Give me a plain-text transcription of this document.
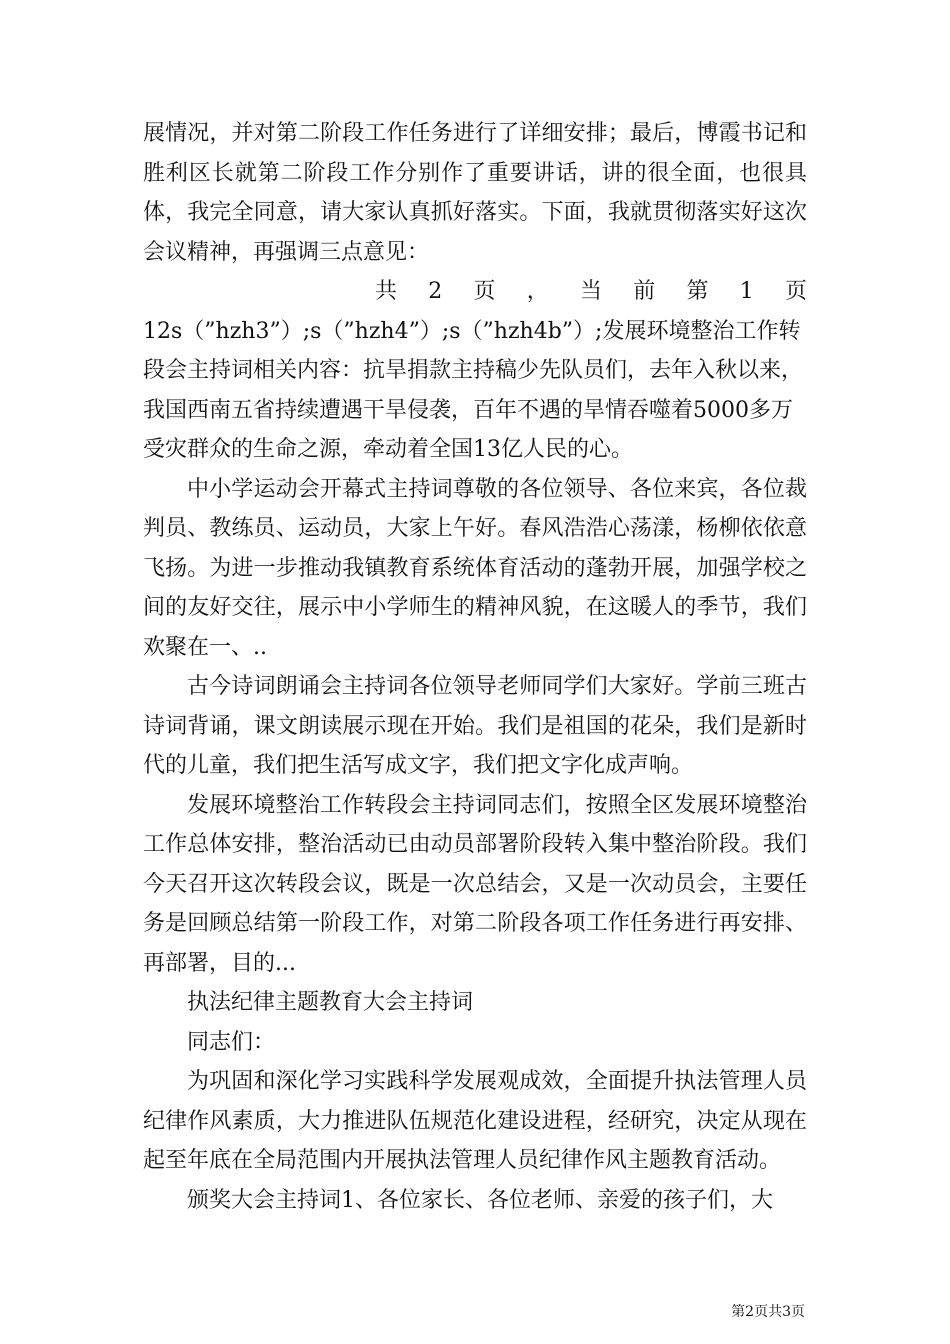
展情况，并对第二阶段工作任务进行了详细安排；最后，博霞书记和胜利区长就第二阶段工作分别作了重要讲话，讲的很全面，也很具体，我完全同意，请大家认真抓好落实。下面，我就贯彻落实好这次会议精神，再强调三点意见：

共 2 页 ， 当 前 第 1 页

12s（”hzh3”）;s（”hzh4”）;s（”hzh4b”）;发展环境整治工作转段会主持词相关内容：抗旱捐款主持稿少先队员们，去年入秋以来，我国西南五省持续遭遇干旱侵袭，百年不遇的旱情吞噬着5000多万受灾群众的生命之源，牵动着全国13亿人民的心。

中小学运动会开幕式主持词尊敬的各位领导、各位来宾，各位裁判员、教练员、运动员，大家上午好。春风浩浩心荡漾，杨柳依依意飞扬。为进一步推动我镇教育系统体育活动的蓬勃开展，加强学校之间的友好交往，展示中小学师生的精神风貌，在这暖人的季节，我们欢聚在一、..

古今诗词朗诵会主持词各位领导老师同学们大家好。学前三班古诗词背诵，课文朗读展示现在开始。我们是祖国的花朵，我们是新时代的儿童，我们把生活写成文字，我们把文字化成声响。

发展环境整治工作转段会主持词同志们，按照全区发展环境整治工作总体安排，整治活动已由动员部署阶段转入集中整治阶段。我们今天召开这次转段会议，既是一次总结会，又是一次动员会，主要任务是回顾总结第一阶段工作，对第二阶段各项工作任务进行再安排、再部署，目的...

执法纪律主题教育大会主持词

同志们：

为巩固和深化学习实践科学发展观成效，全面提升执法管理人员纪律作风素质，大力推进队伍规范化建设进程，经研究，决定从现在起至年底在全局范围内开展执法管理人员纪律作风主题教育活动。

颁奖大会主持词1、各位家长、各位老师、亲爱的孩子们，大

第2页共3页
